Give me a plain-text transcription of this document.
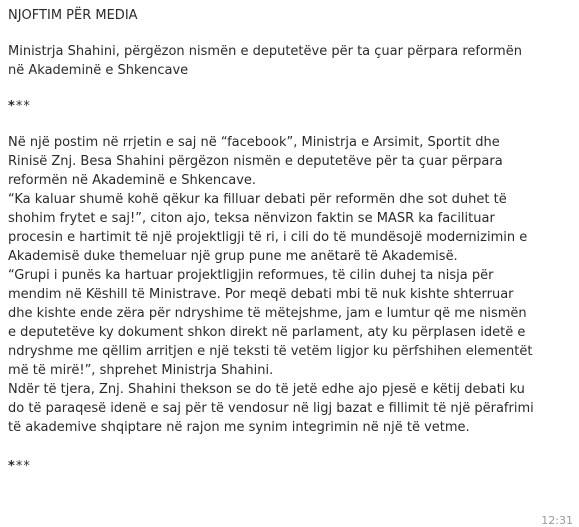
NJOFTIM PËR MEDIA
Ministrja Shahini, përgëzon nismën e deputetëve për ta çuar përpara reformën
në Akademinë e Shkencave
***
Në një postim në rrjetin e saj në “facebook”, Ministrja e Arsimit, Sportit dhe
Rinisë Znj. Besa Shahini përgëzon nismën e deputetëve për ta çuar përpara
reformën në Akademinë e Shkencave.
“Ka kaluar shumë kohë qëkur ka filluar debati për reformën dhe sot duhet të
shohim frytet e saj!”, citon ajo, teksa nënvizon faktin se MASR ka facilituar
procesin e hartimit të një projektligji të ri, i cili do të mundësojë modernizimin e
Akademisë duke themeluar një grup pune me anëtarë të Akademisë.
“Grupi i punës ka hartuar projektligjin reformues, të cilin duhej ta nisja për
mendim në Këshill të Ministrave. Por meqë debati mbi të nuk kishte shterruar
dhe kishte ende zëra për ndryshime të mëtejshme, jam e lumtur që me nismën
e deputetëve ky dokument shkon direkt në parlament, aty ku përplasen idetë e
ndryshme me qëllim arritjen e një teksti të vetëm ligjor ku përfshihen elementët
më të mirë!”, shprehet Ministrja Shahini.
Ndër të tjera, Znj. Shahini thekson se do të jetë edhe ajo pjesë e këtij debati ku
do të paraqesë idenë e saj për të vendosur në ligj bazat e fillimit të një përafrimi
të akademive shqiptare në rajon me synim integrimin në një të vetme.
***
12:31
